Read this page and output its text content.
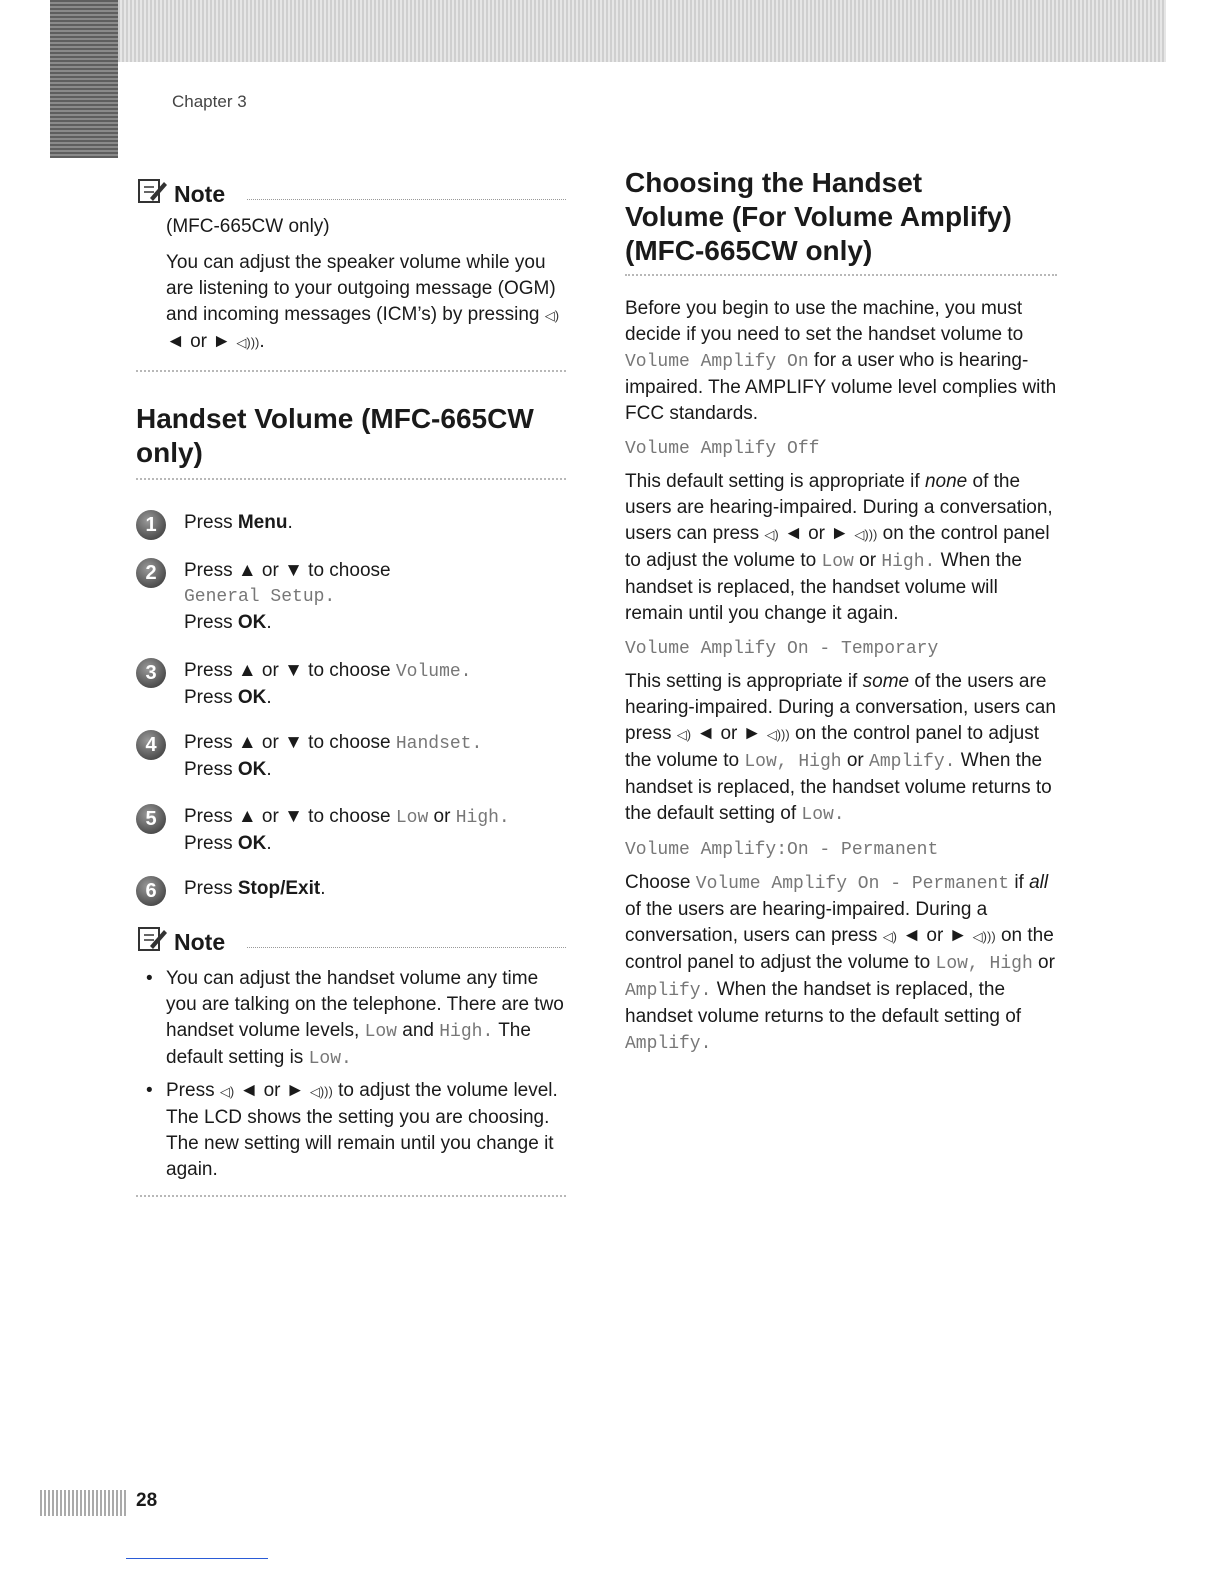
Chapter 3
Note

(MFC-665CW only)

You can adjust the speaker volume while you are listening to your outgoing message (OGM) and incoming messages (ICM’s) by pressing ◁) ◄ or ► ◁))).

Handset Volume (MFC-665CW
only)
1	Press Menu.
2	Press ▲ or ▼ to choose
General Setup.
Press OK.
3	Press ▲ or ▼ to choose Volume.
Press OK.
4	Press ▲ or ▼ to choose Handset.
Press OK.
5	Press ▲ or ▼ to choose Low or High.
Press OK.
6	Press Stop/Exit.
Note
• You can adjust the handset volume any time you are talking on the telephone. There are two handset volume levels, Low and High. The default setting is Low.
• Press ◁) ◄ or ► ◁))) to adjust the volume level. The LCD shows the setting you are choosing. The new setting will remain until you change it again.
Choosing the Handset
Volume (For Volume Amplify)
(MFC-665CW only)

Before you begin to use the machine, you must decide if you need to set the handset volume to Volume Amplify On for a user who is hearing-impaired. The AMPLIFY volume level complies with FCC standards.

Volume Amplify Off

This default setting is appropriate if none of the users are hearing-impaired. During a conversation, users can press ◁) ◄ or ► ◁))) on the control panel to adjust the volume to Low or High. When the handset is replaced, the handset volume will remain until you change it again.

Volume Amplify On - Temporary

This setting is appropriate if some of the users are hearing-impaired. During a conversation, users can press ◁) ◄ or ► ◁))) on the control panel to adjust the volume to Low, High or Amplify. When the handset is replaced, the handset volume returns to the default setting of Low.

Volume Amplify:On - Permanent

Choose Volume Amplify On - Permanent if all of the users are hearing-impaired. During a conversation, users can press ◁) ◄ or ► ◁))) on the control panel to adjust the volume to Low, High or Amplify. When the handset is replaced, the handset volume returns to the default setting of Amplify.

28
